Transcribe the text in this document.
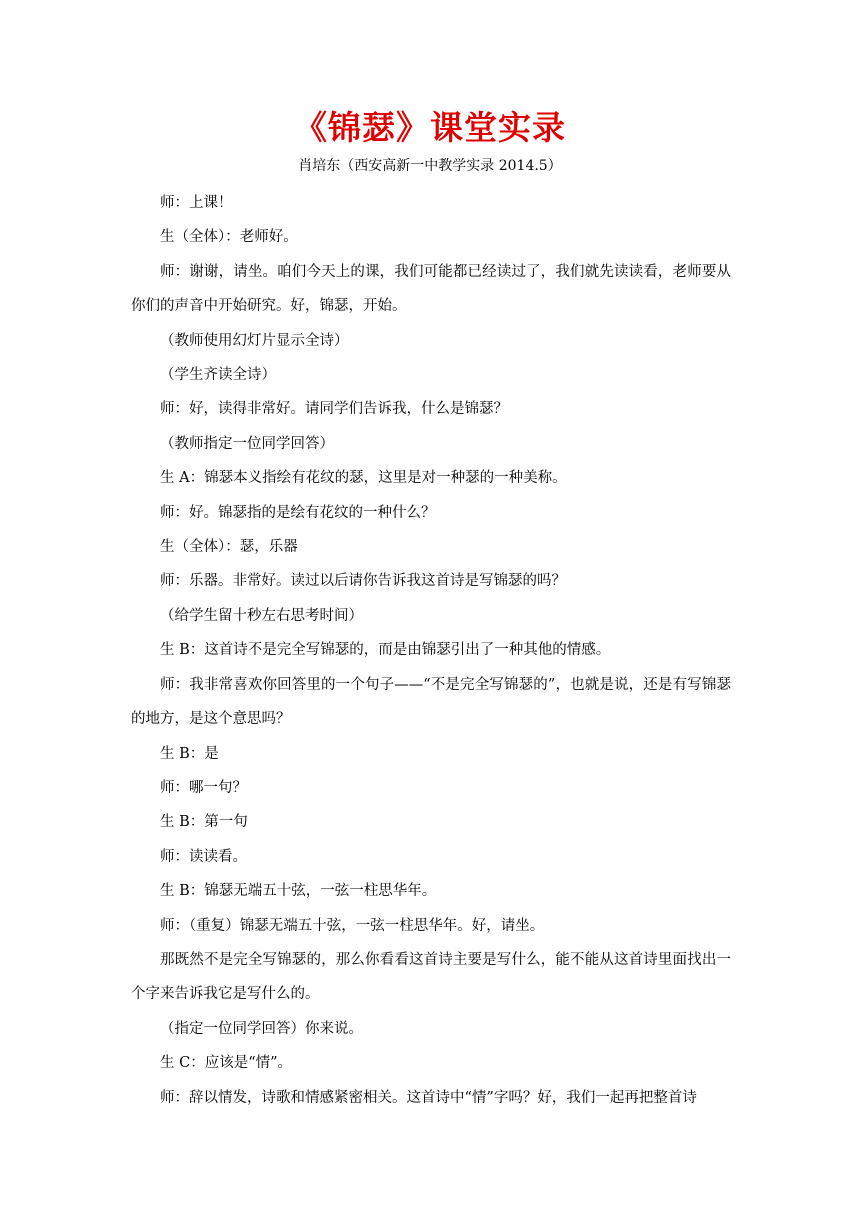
《锦瑟》课堂实录
肖培东（西安高新一中教学实录 2014.5）

师：上课！

生（全体）：老师好。

师：谢谢，请坐。咱们今天上的课，我们可能都已经读过了，我们就先读读看，老师要从你们的声音中开始研究。好，锦瑟，开始。

（教师使用幻灯片显示全诗）

（学生齐读全诗）

师：好，读得非常好。请同学们告诉我，什么是锦瑟？

（教师指定一位同学回答）

生 A：锦瑟本义指绘有花纹的瑟，这里是对一种瑟的一种美称。

师：好。锦瑟指的是绘有花纹的一种什么？

生（全体）：瑟，乐器

师：乐器。非常好。读过以后请你告诉我这首诗是写锦瑟的吗？

（给学生留十秒左右思考时间）

生 B：这首诗不是完全写锦瑟的，而是由锦瑟引出了一种其他的情感。

师：我非常喜欢你回答里的一个句子——“不是完全写锦瑟的”，也就是说，还是有写锦瑟的地方，是这个意思吗？

生 B：是

师：哪一句？

生 B：第一句

师：读读看。

生 B：锦瑟无端五十弦，一弦一柱思华年。

师：（重复）锦瑟无端五十弦，一弦一柱思华年。好，请坐。

那既然不是完全写锦瑟的，那么你看看这首诗主要是写什么，能不能从这首诗里面找出一个字来告诉我它是写什么的。

（指定一位同学回答）你来说。

生 C：应该是“情”。

师：辞以情发，诗歌和情感紧密相关。这首诗中“情”字吗？好，我们一起再把整首诗
